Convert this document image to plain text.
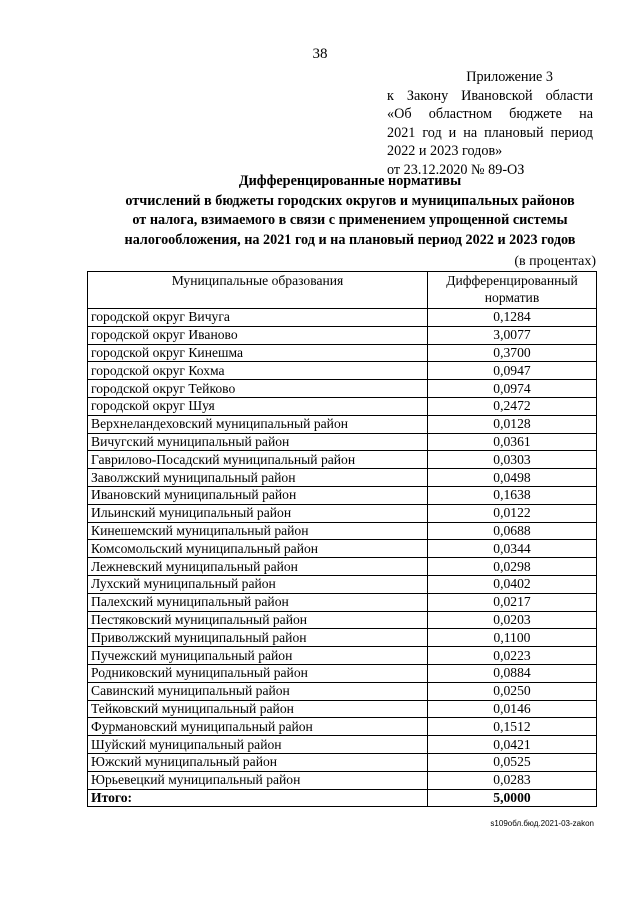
38
Приложение 3
к Закону Ивановской области
«Об областном бюджете на
2021 год и на плановый период
2022 и 2023 годов»
от 23.12.2020 № 89-ОЗ
Дифференцированные нормативы
отчислений в бюджеты городских округов и муниципальных районов
от налога, взимаемого в связи с применением упрощенной системы
налогообложения, на 2021 год и на плановый период 2022 и 2023 годов
(в процентах)
Муниципальные образования	Дифференцированный норматив
городской округ Вичуга	0,1284
городской округ Иваново	3,0077
городской округ Кинешма	0,3700
городской округ Кохма	0,0947
городской округ Тейково	0,0974
городской округ Шуя	0,2472
Верхнеландеховский муниципальный район	0,0128
Вичугский муниципальный район	0,0361
Гаврилово-Посадский муниципальный район	0,0303
Заволжский муниципальный район	0,0498
Ивановский муниципальный район	0,1638
Ильинский муниципальный район	0,0122
Кинешемский муниципальный район	0,0688
Комсомольский муниципальный район	0,0344
Лежневский муниципальный район	0,0298
Лухский муниципальный район	0,0402
Палехский муниципальный район	0,0217
Пестяковский муниципальный район	0,0203
Приволжский муниципальный район	0,1100
Пучежский муниципальный район	0,0223
Родниковский муниципальный район	0,0884
Савинский муниципальный район	0,0250
Тейковский муниципальный район	0,0146
Фурмановский муниципальный район	0,1512
Шуйский муниципальный район	0,0421
Южский муниципальный район	0,0525
Юрьевецкий муниципальный район	0,0283
Итого:	5,0000
s109обл.бюд.2021-03-zakon
